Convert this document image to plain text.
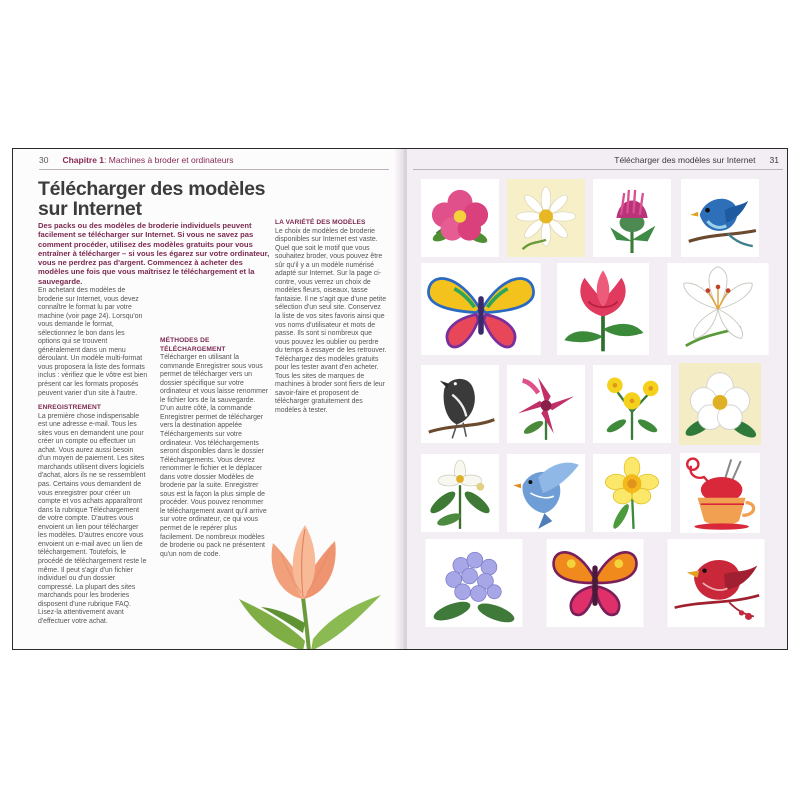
30 Chapitre 1: Machines à broder et ordinateurs
Télécharger des modèles
sur Internet
Des packs ou des modèles de broderie individuels peuvent facilement se télécharger sur Internet. Si vous ne savez pas comment procéder, utilisez des modèles gratuits pour vous entraîner à télécharger – si vous les égarez sur votre ordinateur, vous ne perdrez pas d'argent. Commencez à acheter des modèles une fois que vous maîtrisez le téléchargement et la sauvegarde.

En achetant des modèles de broderie sur Internet, vous devez connaître le format lu par votre machine (voir page 24). Lorsqu'on vous demande le format, sélectionnez le bon dans les options qui se trouvent généralement dans un menu déroulant. Un modèle multi-format vous proposera la liste des formats inclus : vérifiez que le vôtre est bien présent car les formats proposés peuvent varier d'un site à l'autre.

ENREGISTREMENT

La première chose indispensable est une adresse e-mail. Tous les sites vous en demandent une pour créer un compte ou effectuer un achat. Vous aurez aussi besoin d'un moyen de paiement. Les sites marchands utilisent divers logiciels d'achat, alors ils ne se ressemblent pas. Certains vous demandent de vous enregistrer pour créer un compte et vos achats apparaîtront dans la rubrique Téléchargement de votre compte. D'autres vous envoient un lien pour télécharger les modèles. D'autres encore vous envoient un e-mail avec un lien de téléchargement. Toutefois, le procédé de téléchargement reste le même. Il peut s'agir d'un fichier individuel ou d'un dossier compressé. La plupart des sites marchands pour les broderies disposent d'une rubrique FAQ. Lisez-la attentivement avant d'effectuer votre achat.

MÉTHODES DE TÉLÉCHARGEMENT

Télécharger en utilisant la commande Enregistrer sous vous permet de télécharger vers un dossier spécifique sur votre ordinateur et vous laisse renommer le fichier lors de la sauvegarde. D'un autre côté, la commande Enregistrer permet de télécharger vers la destination appelée Téléchargements sur votre ordinateur. Vos téléchargements seront disponibles dans le dossier Téléchargements. Vous devrez renommer le fichier et le déplacer dans votre dossier Modèles de broderie par la suite. Enregistrer sous est la façon la plus simple de procéder. Vous pouvez renommer le téléchargement avant qu'il arrive sur votre ordinateur, ce qui vous permet de le repérer plus facilement. De nombreux modèles de broderie ou pack ne présentent qu'un nom de code.

LA VARIÉTÉ DES MODÈLES

Le choix de modèles de broderie disponibles sur Internet est vaste. Quel que soit le motif que vous souhaitez broder, vous pouvez être sûr qu'il y a un modèle numérisé adapté sur Internet. Sur la page ci-contre, vous verrez un choix de modèles fleurs, oiseaux, tasse fantaisie. Il ne s'agit que d'une petite sélection d'un seul site. Conservez la liste de vos sites favoris ainsi que vos noms d'utilisateur et mots de passe. Ils sont si nombreux que vous pouvez les oublier ou perdre du temps à essayer de les retrouver. Téléchargez des modèles gratuits pour les tester avant d'en acheter. Tous les sites de marques de machines à broder sont fiers de leur savoir-faire et proposent de télécharger gratuitement des modèles à tester.

Télécharger des modèles sur Internet 31
